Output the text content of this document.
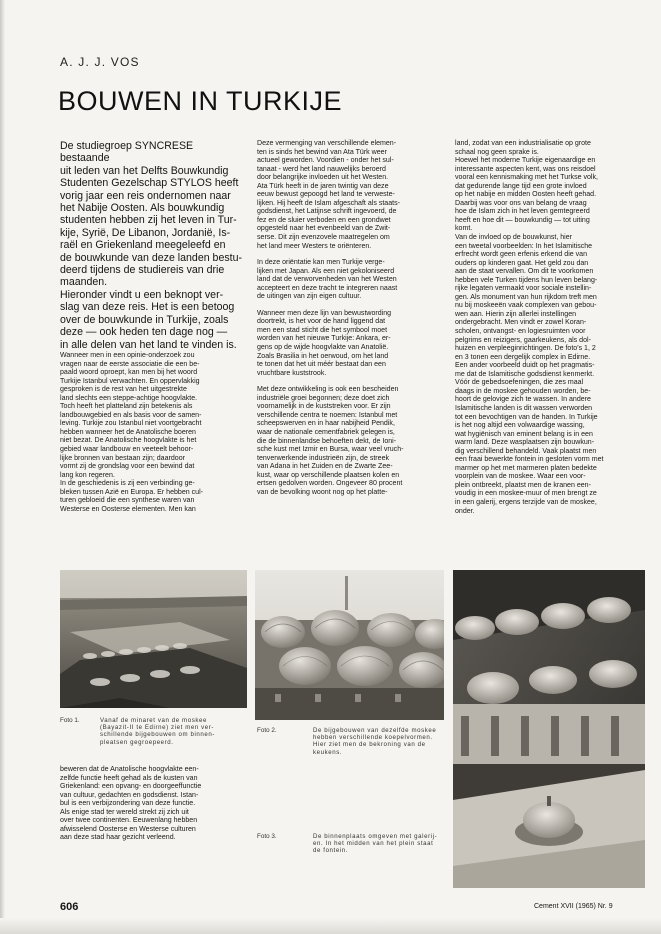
A. J. J. VOS
BOUWEN IN TURKIJE

De studiegroep SYNCRESE bestaande
uit leden van het Delfts Bouwkundig
Studenten Gezelschap STYLOS heeft
vorig jaar een reis ondernomen naar
het Nabije Oosten. Als bouwkundig
studenten hebben zij het leven in Tur-
kije, Syrië, De Libanon, Jordanië, Is-
raël en Griekenland meegeleefd en
de bouwkunde van deze landen bestu-
deerd tijdens de studiereis van drie
maanden.

Hieronder vindt u een beknopt ver-
slag van deze reis. Het is een betoog
over de bouwkunde in Turkije, zoals
deze — ook heden ten dage nog —
in alle delen van het land te vinden is.

Wanneer men in een opinie-onderzoek zou
vragen naar de eerste associatie die een be-
paald woord oproept, kan men bij het woord
Turkije Istanbul verwachten. En oppervlakkig
gesproken is de rest van het uitgestrekte
land slechts een steppe-achtige hoogvlakte.
Toch heeft het platteland zijn betekenis als
landbouwgebied en als basis voor de samen-
leving. Turkije zou Istanbul niet voortgebracht
hebben wanneer het de Anatolische boeren
niet bezat. De Anatolische hoogvlakte is het
gebied waar landbouw en veeteelt behoor-
lijke bronnen van bestaan zijn; daardoor
vormt zij de grondslag voor een bewind dat
lang kon regeren.

In de geschiedenis is zij een verbinding ge-
bleken tussen Azië en Europa. Er hebben cul-
turen gebloeid die een synthese waren van
Westerse en Oosterse elementen. Men kan

beweren dat de Anatolische hoogvlakte een-
zelfde functie heeft gehad als de kusten van
Griekenland: een opvang- en doorgeeffunctie
van cultuur, gedachten en godsdienst. Istan-
bul is een verbijzondering van deze functie.
Als enige stad ter wereld strekt zij zich uit
over twee continenten. Eeuwenlang hebben
afwisselend Oosterse en Westerse culturen
aan deze stad haar gezicht verleend.

Deze vermenging van verschillende elemen-
ten is sinds het bewind van Ata Türk weer
actueel geworden. Voordien - onder het sul-
tanaat - werd het land nauwelijks beroerd
door belangrijke invloeden uit het Westen.
Ata Türk heeft in de jaren twintig van deze
eeuw bewust gepoogd het land te verweste-
lijken. Hij heeft de Islam afgeschaft als staats-
godsdienst, het Latijnse schrift ingevoerd, de
fez en de sluier verboden en een grondwet
opgesteld naar het evenbeeld van de Zwit-
serse. Dit zijn evenzovele maatregelen om
het land meer Westers te oriënteren.

In deze oriëntatie kan men Turkije verge-
lijken met Japan. Als een niet gekoloniseerd
land dat de verworvenheden van het Westen
accepteert en deze tracht te integreren naast
de uitingen van zijn eigen cultuur.

Wanneer men deze lijn van bewustwording
doortrekt, is het voor de hand liggend dat
men een stad sticht die het symbool moet
worden van het nieuwe Turkije: Ankara, er-
gens op de wijde hoogvlakte van Anatolië.
Zoals Brasilia in het oerwoud, om het land
te tonen dat het uit méér bestaat dan een
vruchtbare kuststrook.

Met deze ontwikkeling is ook een bescheiden
industriële groei begonnen; deze doet zich
voornamelijk in de kuststreken voor. Er zijn
verschillende centra te noemen: Istanbul met
scheepswerven en in haar nabijheid Pendik,
waar de nationale cementfabriek gelegen is,
die de binnenlandse behoeften dekt, de Ioni-
sche kust met Izmir en Bursa, waar veel vruch-
tenverwerkende industrieën zijn, de streek
van Adana in het Zuiden en de Zwarte Zee-
kust, waar op verschillende plaatsen kolen en
ertsen gedolven worden. Ongeveer 80 procent
van de bevolking woont nog op het platte-

land, zodat van een industrialisatie op grote
schaal nog geen sprake is.
Hoewel het moderne Turkije eigenaardige en
interessante aspecten kent, was ons reisdoel
vooral een kennismaking met het Turkse volk,
dat gedurende lange tijd een grote invloed
op het nabije en midden Oosten heeft gehad.
Daarbij was voor ons van belang de vraag
hoe de Islam zich in het leven gemtegreerd
heeft en hoe dit — bouwkundig — tot uiting
komt.

Van de invloed op de bouwkunst, hier
een tweetal voorbeelden: In het Islamitische
erfrecht wordt geen erfenis erkend die van
ouders op kinderen gaat. Het geld zou dan
aan de staat vervallen. Om dit te voorkomen
hebben vele Turken tijdens hun leven belang-
rijke legaten vermaakt voor sociale instellin-
gen. Als monument van hun rijkdom treft men
nu bij moskeeën vaak complexen van gebou-
wen aan. Hierin zijn allerlei instellingen
ondergebracht. Men vindt er zowel Koran-
scholen, ontvangst- en logiesruimten voor
pelgrims en reizigers, gaarkeukens, als dol-
huizen en verpleeginrichtingen. De foto's 1, 2
en 3 tonen een dergelijk complex in Edirne.
Een ander voorbeeld duidt op het pragmatis-
me dat de Islamitische godsdienst kenmerkt.
Vóór de gebedsoefeningen, die zes maal
daags in de moskee gehouden worden, be-
hoort de gelovige zich te wassen. In andere
Islamitische landen is dit wassen verworden
tot een bevochtigen van de handen. In Turkije
is het nog altijd een volwaardige wassing,
wat hygiënisch van eminent belang is in een
warm land. Deze wasplaatsen zijn bouwkun-
dig verschillend behandeld. Vaak plaatst men
een fraai bewerkte fontein in gesloten vorm met
marmer op het met marmeren platen bedekte
voorplein van de moskee. Waar een voor-
plein ontbreekt, plaatst men de kranen een-
voudig in een moskee-muur of men brengt ze
in een galerij, ergens terzijde van de moskee,
onder.

Foto 1.	Vanaf de minaret van de moskee
(Bayazit-II te Edirne) ziet men ver-
schillende bijgebouwen om binnen-
pleatsen gegroepeerd.
Foto 2.	De bijgebouwen van dezelfde moskee
hebben verschillende koepelvormen.
Hier ziet men de bekroning van de
keukens.
Foto 3.	De binnenplaats omgeven met galerij-
en. In het midden van het plein staat
de fontein.
606	Cement XVII (1965) Nr. 9
